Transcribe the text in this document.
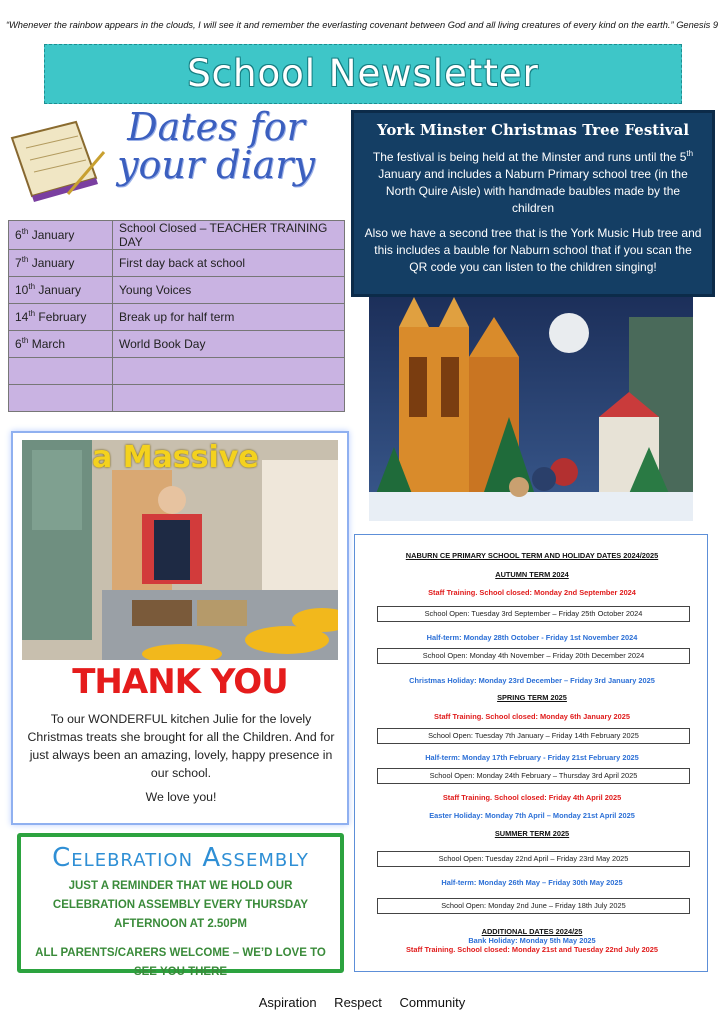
“Whenever the rainbow appears in the clouds, I will see it and remember the everlasting covenant between God and all living creatures of every kind on the earth.” Genesis 9
School Newsletter
Dates for your diary
6th January	School Closed – TEACHER TRAINING DAY
7th January	First day back at school
10th January	Young Voices
14th February	Break up for half term
6th March	World Book Day

York Minster Christmas Tree Festival

The festival is being held at the Minster and runs until the 5th January and includes a Naburn Primary school tree (in the North Quire Aisle) with handmade baubles made by the children

Also we have a second tree that is the York Music Hub tree and this includes a bauble for Naburn school that if you scan the QR code you can listen to the children singing!

a Massive
THANK YOU
To our WONDERFUL kitchen Julie for the lovely Christmas treats she brought for all the Children. And for just always been an amazing, lovely, happy presence in our school.
We love you!
Celebration Assembly
JUST A REMINDER THAT WE HOLD OUR CELEBRATION ASSEMBLY EVERY THURSDAY AFTERNOON AT 2.50PM
ALL PARENTS/CARERS WELCOME – WE’D LOVE TO SEE YOU THERE
NABURN CE PRIMARY SCHOOL TERM AND HOLIDAY DATES 2024/2025
AUTUMN TERM 2024
Staff Training. School closed: Monday 2nd September 2024
School Open: Tuesday 3rd September – Friday 25th October 2024
Half-term: Monday 28th October - Friday 1st November 2024
School Open: Monday 4th November – Friday 20th December 2024
Christmas Holiday: Monday 23rd December – Friday 3rd January 2025
SPRING TERM 2025
Staff Training. School closed: Monday 6th January 2025
School Open: Tuesday 7th January – Friday 14th February 2025
Half-term: Monday 17th February - Friday 21st February 2025
School Open: Monday 24th February – Thursday 3rd April 2025
Staff Training. School closed: Friday 4th April 2025
Easter Holiday: Monday 7th April – Monday 21st April 2025
SUMMER TERM 2025
School Open: Tuesday 22nd April – Friday 23rd May 2025
Half-term: Monday 26th May – Friday 30th May 2025
School Open: Monday 2nd June – Friday 18th July 2025
ADDITIONAL DATES 2024/25
Bank Holiday: Monday 5th May 2025
Staff Training. School closed: Monday 21st and Tuesday 22nd July 2025
Aspiration Respect Community
